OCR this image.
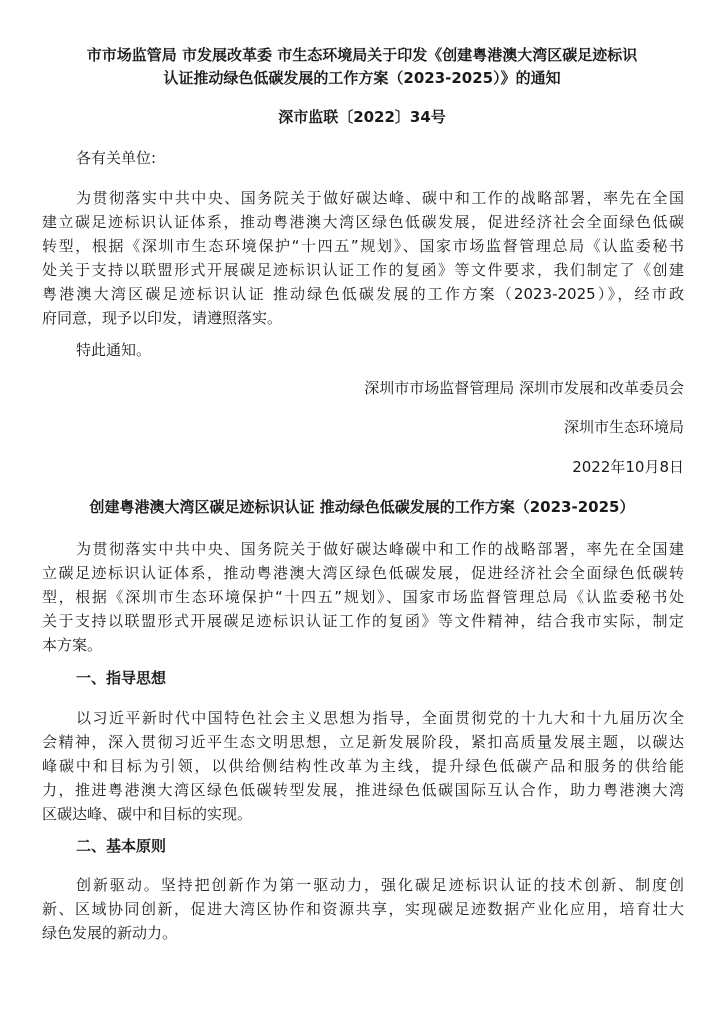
市市场监管局 市发展改革委 市生态环境局关于印发《创建粤港澳大湾区碳足迹标识

认证推动绿色低碳发展的工作方案（2023-2025）》的通知

深市监联〔2022〕34号

各有关单位:

为贯彻落实中共中央、国务院关于做好碳达峰、碳中和工作的战略部署，率先在全国

建立碳足迹标识认证体系，推动粤港澳大湾区绿色低碳发展，促进经济社会全面绿色低碳

转型，根据《深圳市生态环境保护“十四五”规划》、国家市场监督管理总局《认监委秘书

处关于支持以联盟形式开展碳足迹标识认证工作的复函》等文件要求，我们制定了《创建

粤港澳大湾区碳足迹标识认证 推动绿色低碳发展的工作方案（2023-2025）》，经市政

府同意，现予以印发，请遵照落实。

特此通知。

深圳市市场监督管理局 深圳市发展和改革委员会

深圳市生态环境局

2022年10月8日

创建粤港澳大湾区碳足迹标识认证 推动绿色低碳发展的工作方案（2023-2025）

为贯彻落实中共中央、国务院关于做好碳达峰碳中和工作的战略部署，率先在全国建

立碳足迹标识认证体系，推动粤港澳大湾区绿色低碳发展，促进经济社会全面绿色低碳转

型，根据《深圳市生态环境保护“十四五”规划》、国家市场监督管理总局《认监委秘书处

关于支持以联盟形式开展碳足迹标识认证工作的复函》等文件精神，结合我市实际，制定

本方案。

一、指导思想

以习近平新时代中国特色社会主义思想为指导，全面贯彻党的十九大和十九届历次全

会精神，深入贯彻习近平生态文明思想，立足新发展阶段，紧扣高质量发展主题，以碳达

峰碳中和目标为引领，以供给侧结构性改革为主线，提升绿色低碳产品和服务的供给能

力，推进粤港澳大湾区绿色低碳转型发展，推进绿色低碳国际互认合作，助力粤港澳大湾

区碳达峰、碳中和目标的实现。

二、基本原则

创新驱动。坚持把创新作为第一驱动力，强化碳足迹标识认证的技术创新、制度创

新、区域协同创新，促进大湾区协作和资源共享，实现碳足迹数据产业化应用，培育壮大

绿色发展的新动力。
